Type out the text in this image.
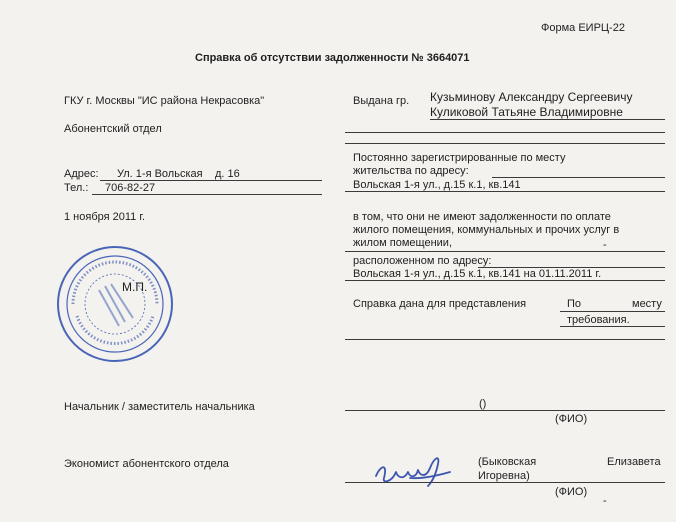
Форма ЕИРЦ-22
Справка об отсутствии задолженности № 3664071
ГКУ г. Москвы "ИС района Некрасовка"
Абонентский отдел
Адрес: Ул. 1-я Вольская д. 16
Тел.: 706-82-27
1 ноября 2011 г.
М.П.
Выдана гр. Кузьминову Александру Сергеевичу
Куликовой Татьяне Владимировне
Постоянно зарегистрированные по месту
жительства по адресу:
Вольская 1-я ул., д.15 к.1, кв.141
в том, что они не имеют задолженности по оплате
жилого помещения, коммунальных и прочих услуг в
жилом помещении,	-
расположенном по адресу:
Вольская 1-я ул., д.15 к.1, кв.141 на 01.11.2011 г.
Справка дана для представления	По	месту
требования.
Начальник / заместитель начальника	()
(ФИО)
Экономист абонентского отдела	(Быковская	Елизавета
Игоревна)
(ФИО)
-
